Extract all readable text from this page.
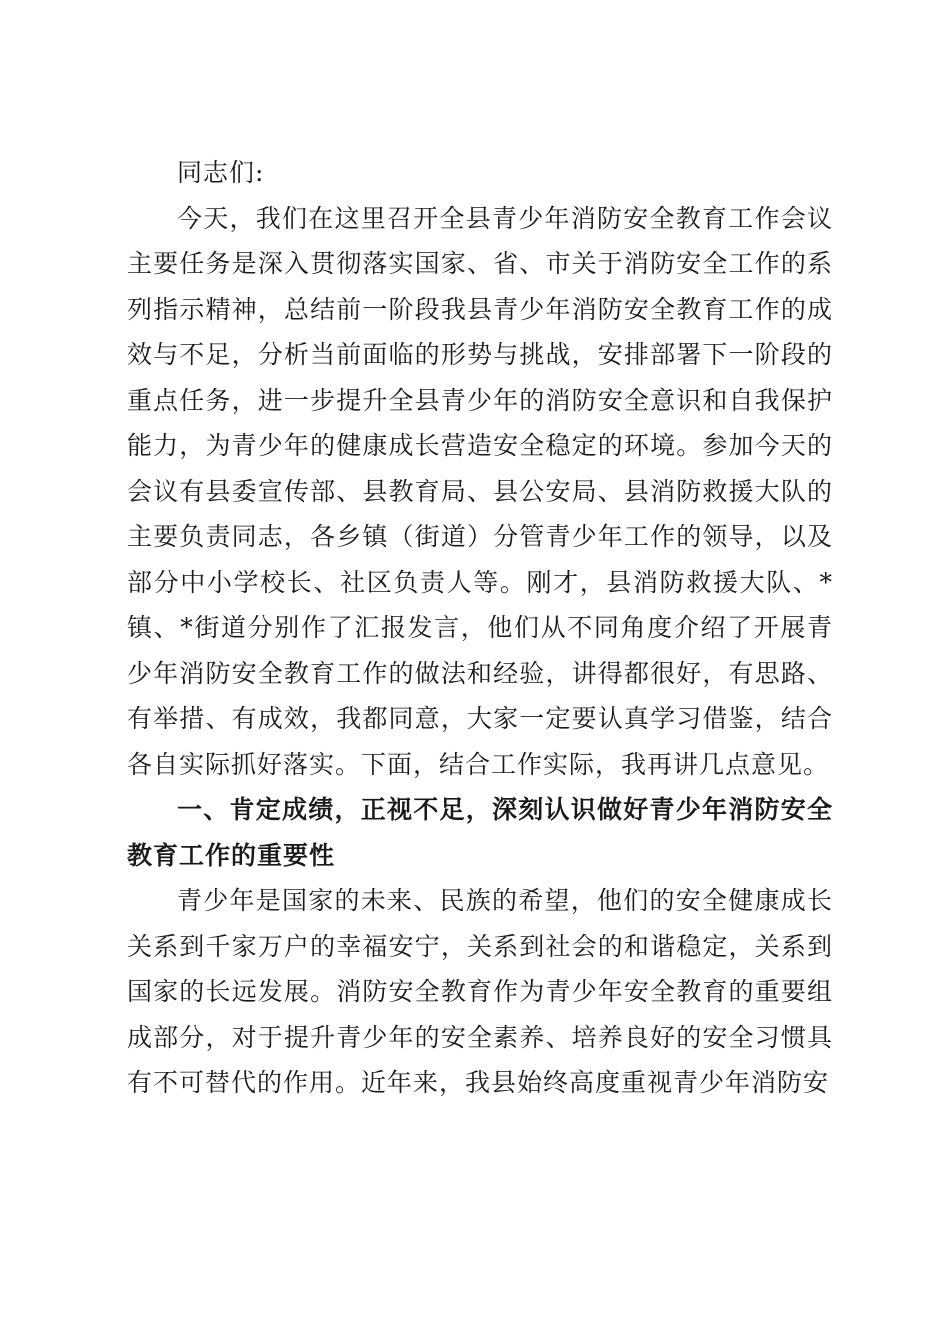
同志们:

今天，我们在这里召开全县青少年消防安全教育工作会议主要任务是深入贯彻落实国家、省、市关于消防安全工作的系列指示精神，总结前一阶段我县青少年消防安全教育工作的成效与不足，分析当前面临的形势与挑战，安排部署下一阶段的重点任务，进一步提升全县青少年的消防安全意识和自我保护能力，为青少年的健康成长营造安全稳定的环境。参加今天的会议有县委宣传部、县教育局、县公安局、县消防救援大队的主要负责同志，各乡镇（街道）分管青少年工作的领导，以及部分中小学校长、社区负责人等。刚才，县消防救援大队、*镇、*街道分别作了汇报发言，他们从不同角度介绍了开展青少年消防安全教育工作的做法和经验，讲得都很好，有思路、有举措、有成效，我都同意，大家一定要认真学习借鉴，结合各自实际抓好落实。下面，结合工作实际，我再讲几点意见。

一、肯定成绩，正视不足，深刻认识做好青少年消防安全教育工作的重要性

青少年是国家的未来、民族的希望，他们的安全健康成长关系到千家万户的幸福安宁，关系到社会的和谐稳定，关系到国家的长远发展。消防安全教育作为青少年安全教育的重要组成部分，对于提升青少年的安全素养、培养良好的安全习惯具有不可替代的作用。近年来，我县始终高度重视青少年消防安
